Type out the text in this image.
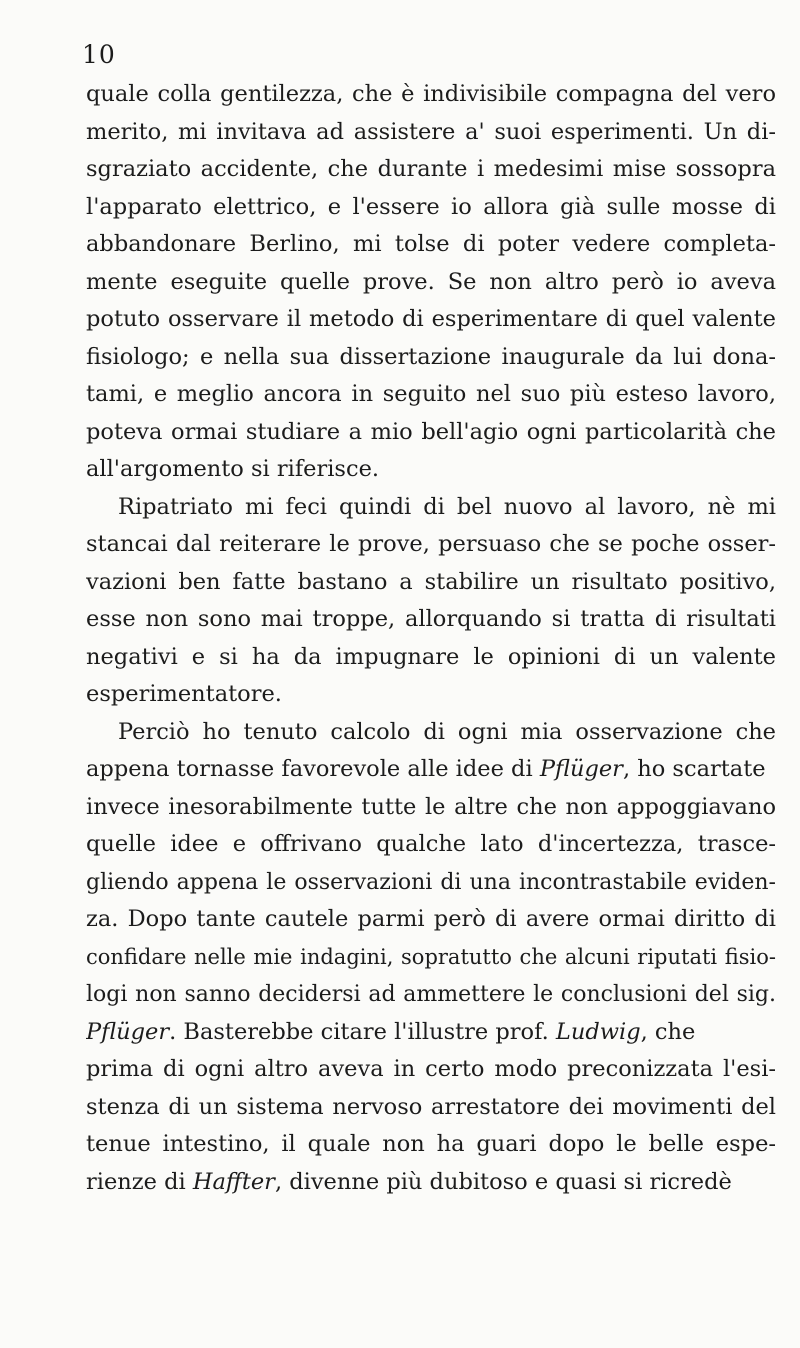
10
quale colla gentilezza, che è indivisibile compagna del vero
merito, mi invitava ad assistere a' suoi esperimenti. Un di-
sgraziato accidente, che durante i medesimi mise sossopra
l'apparato elettrico, e l'essere io allora già sulle mosse di
abbandonare Berlino, mi tolse di poter vedere completa-
mente eseguite quelle prove. Se non altro però io aveva
potuto osservare il metodo di esperimentare di quel valente
fisiologo; e nella sua dissertazione inaugurale da lui dona-
tami, e meglio ancora in seguito nel suo più esteso lavoro,
poteva ormai studiare a mio bell'agio ogni particolarità che
all'argomento si riferisce.
Ripatriato mi feci quindi di bel nuovo al lavoro, nè mi
stancai dal reiterare le prove, persuaso che se poche osser-
vazioni ben fatte bastano a stabilire un risultato positivo,
esse non sono mai troppe, allorquando si tratta di risultati
negativi e si ha da impugnare le opinioni di un valente
esperimentatore.
Perciò ho tenuto calcolo di ogni mia osservazione che
appena tornasse favorevole alle idee di Pflüger, ho scartate
invece inesorabilmente tutte le altre che non appoggiavano
quelle idee e offrivano qualche lato d'incertezza, trasce-
gliendo appena le osservazioni di una incontrastabile eviden-
za. Dopo tante cautele parmi però di avere ormai diritto di
confidare nelle mie indagini, sopratutto che alcuni riputati fisio-
logi non sanno decidersi ad ammettere le conclusioni del sig.
Pflüger. Basterebbe citare l'illustre prof. Ludwig, che
prima di ogni altro aveva in certo modo preconizzata l'esi-
stenza di un sistema nervoso arrestatore dei movimenti del
tenue intestino, il quale non ha guari dopo le belle espe-
rienze di Haffter, divenne più dubitoso e quasi si ricredè
